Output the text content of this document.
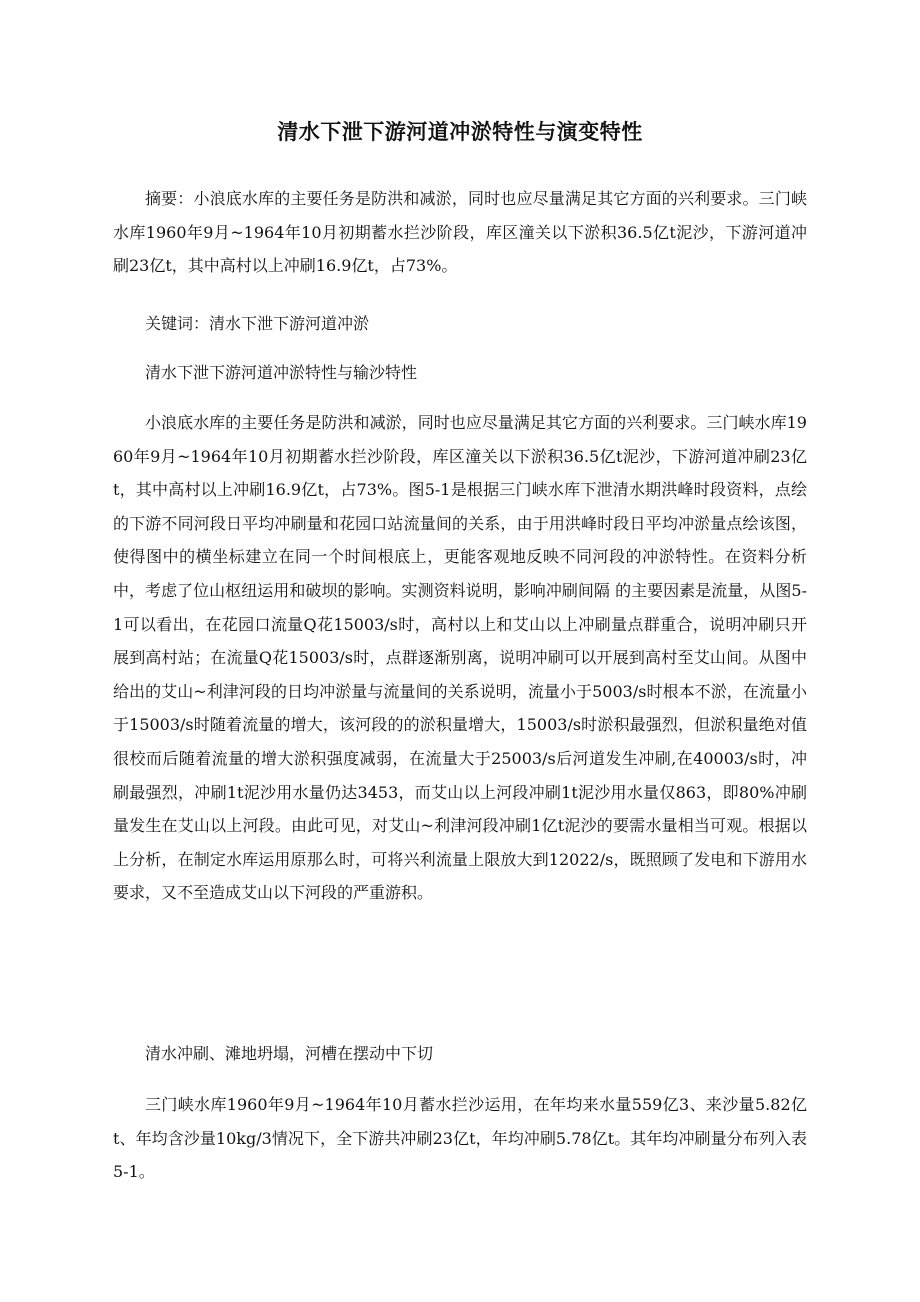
清水下泄下游河道冲淤特性与演变特性

摘要：小浪底水库的主要任务是防洪和减淤，同时也应尽量满足其它方面的兴利要求。三门峡水库1960年9月~1964年10月初期蓄水拦沙阶段，库区潼关以下淤积36.5亿t泥沙，下游河道冲刷23亿t，其中高村以上冲刷16.9亿t，占73%。

关键词：清水下泄下游河道冲淤

清水下泄下游河道冲淤特性与输沙特性

小浪底水库的主要任务是防洪和减淤，同时也应尽量满足其它方面的兴利要求。三门峡水库1960年9月~1964年10月初期蓄水拦沙阶段，库区潼关以下淤积36.5亿t泥沙，下游河道冲刷23亿t，其中高村以上冲刷16.9亿t，占73%。图5-1是根据三门峡水库下泄清水期洪峰时段资料，点绘的下游不同河段日平均冲刷量和花园口站流量间的关系，由于用洪峰时段日平均冲淤量点绘该图，使得图中的横坐标建立在同一个时间根底上，更能客观地反映不同河段的冲淤特性。在资料分析中，考虑了位山枢纽运用和破坝的影响。实测资料说明，影响冲刷间隔 的主要因素是流量，从图5-1可以看出，在花园口流量Q花15003/s时，高村以上和艾山以上冲刷量点群重合，说明冲刷只开展到高村站；在流量Q花15003/s时，点群逐渐别离，说明冲刷可以开展到高村至艾山间。从图中给出的艾山~利津河段的日均冲淤量与流量间的关系说明，流量小于5003/s时根本不淤，在流量小于15003/s时随着流量的增大，该河段的的淤积量增大，15003/s时淤积最强烈，但淤积量绝对值很校而后随着流量的增大淤积强度减弱，在流量大于25003/s后河道发生冲刷,在40003/s时，冲刷最强烈，冲刷1t泥沙用水量仍达3453，而艾山以上河段冲刷1t泥沙用水量仅863，即80%冲刷量发生在艾山以上河段。由此可见，对艾山~利津河段冲刷1亿t泥沙的要需水量相当可观。根据以上分析，在制定水库运用原那么时，可将兴利流量上限放大到12022/s，既照顾了发电和下游用水要求，又不至造成艾山以下河段的严重游积。

清水冲刷、滩地坍塌，河槽在摆动中下切

三门峡水库1960年9月~1964年10月蓄水拦沙运用，在年均来水量559亿3、来沙量5.82亿t、年均含沙量10kg/3情况下，全下游共冲刷23亿t，年均冲刷5.78亿t。其年均冲刷量分布列入表5-1。
